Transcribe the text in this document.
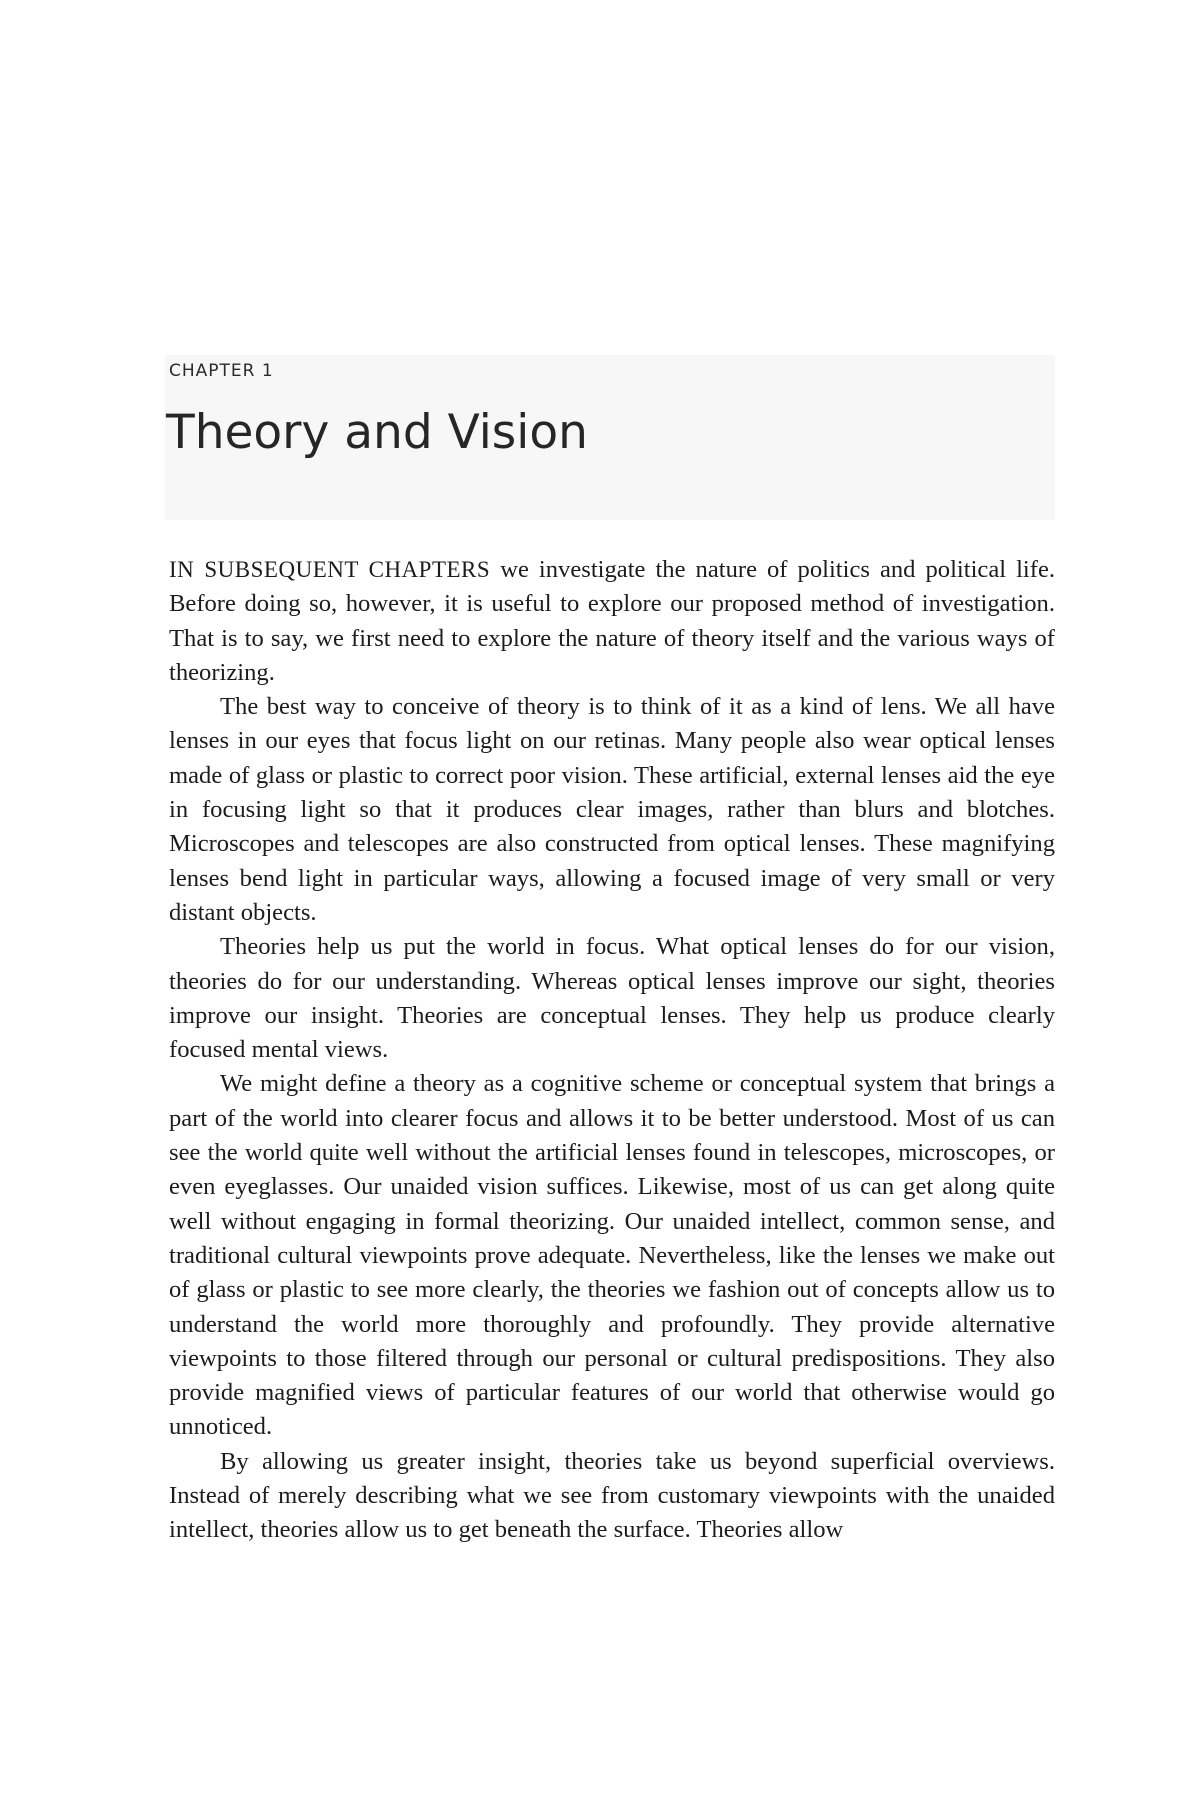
CHAPTER 1
Theory and Vision

IN SUBSEQUENT CHAPTERS we investigate the nature of politics and political life. Before doing so, however, it is useful to explore our proposed method of investigation. That is to say, we first need to explore the nature of theory itself and the various ways of theorizing.

The best way to conceive of theory is to think of it as a kind of lens. We all have lenses in our eyes that focus light on our retinas. Many people also wear optical lenses made of glass or plastic to correct poor vision. These artificial, external lenses aid the eye in focusing light so that it produces clear images, rather than blurs and blotches. Microscopes and telescopes are also constructed from optical lenses. These magnifying lenses bend light in particular ways, allowing a focused image of very small or very distant objects.

Theories help us put the world in focus. What optical lenses do for our vision, theories do for our understanding. Whereas optical lenses improve our sight, theories improve our insight. Theories are conceptual lenses. They help us produce clearly focused mental views.

We might define a theory as a cognitive scheme or conceptual system that brings a part of the world into clearer focus and allows it to be better understood. Most of us can see the world quite well without the artificial lenses found in telescopes, microscopes, or even eyeglasses. Our unaided vision suffices. Likewise, most of us can get along quite well without engaging in formal theorizing. Our unaided intellect, common sense, and traditional cultural viewpoints prove adequate. Nevertheless, like the lenses we make out of glass or plastic to see more clearly, the theories we fashion out of concepts allow us to understand the world more thoroughly and profoundly. They provide alternative viewpoints to those filtered through our personal or cultural predispositions. They also provide magnified views of particular features of our world that otherwise would go unnoticed.

By allowing us greater insight, theories take us beyond superficial overviews. Instead of merely describing what we see from customary viewpoints with the unaided intellect, theories allow us to get beneath the surface. Theories allow
